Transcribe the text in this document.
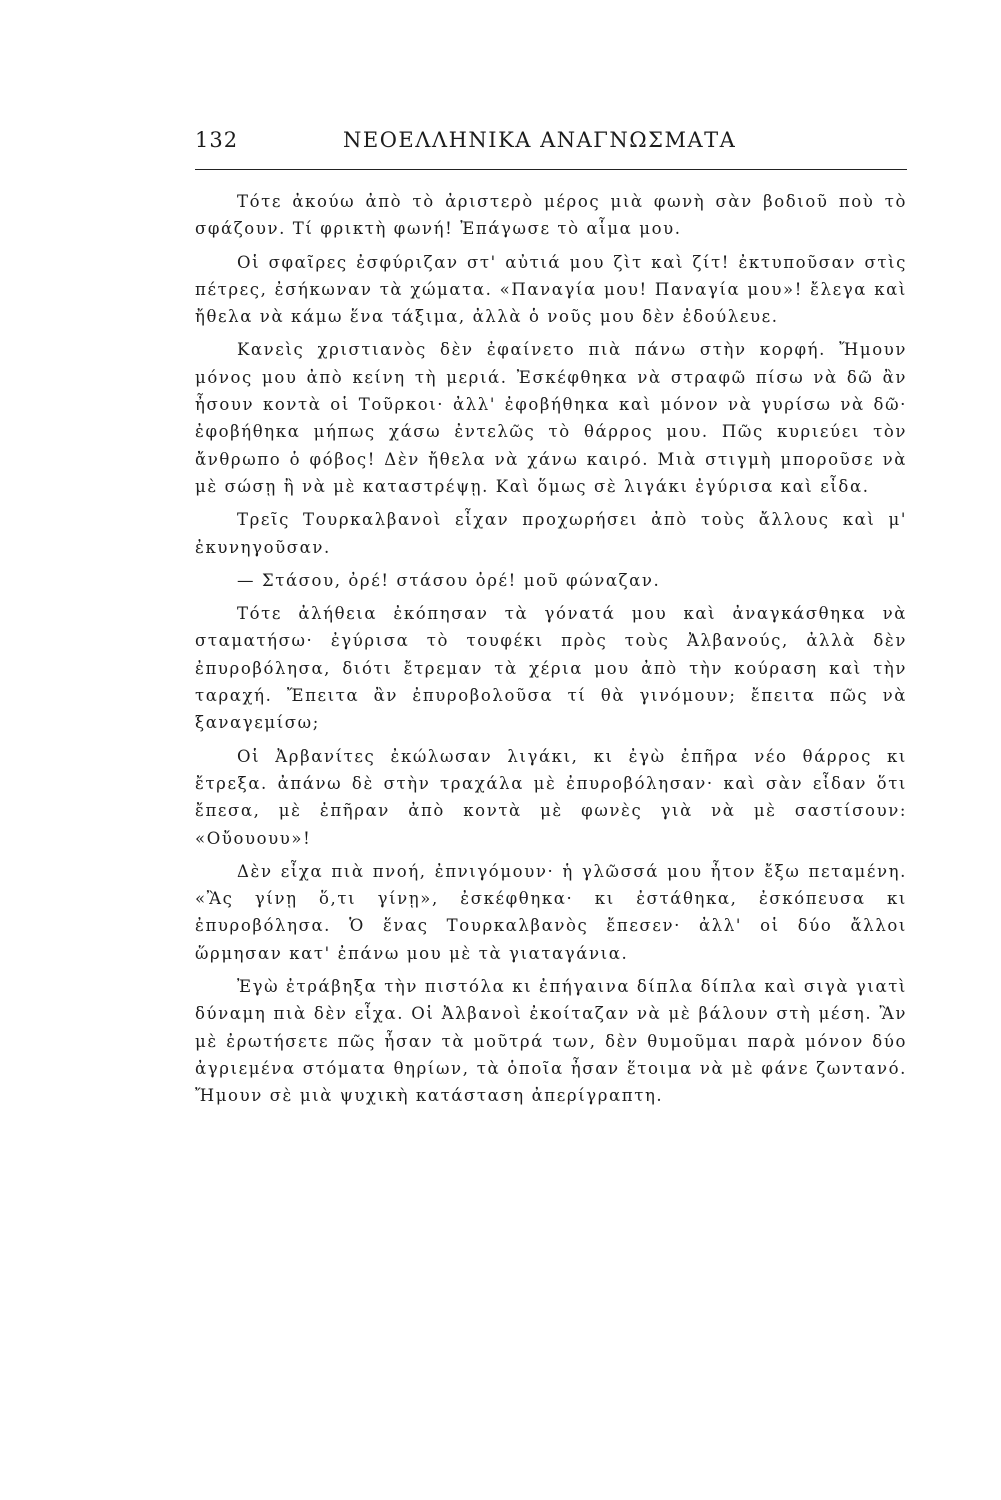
132	ΝΕΟΕΛΛΗΝΙΚΑ ΑΝΑΓΝΩΣΜΑΤΑ

Τότε ἀκούω ἀπὸ τὸ ἀριστερὸ μέρος μιὰ φωνὴ σὰν βοδιοῦ ποὺ τὸ σφάζουν. Τί φρικτὴ φωνή! Ἐπάγωσε τὸ αἷμα μου.

Οἱ σφαῖρες ἐσφύριζαν στ' αὐτιά μου ζὶτ καὶ ζίτ! ἐκτυποῦσαν στὶς πέτρες, ἐσήκωναν τὰ χώματα. «Παναγία μου! Παναγία μου»! ἔλεγα καὶ ἤθελα νὰ κάμω ἕνα τάξιμα, ἀλλὰ ὁ νοῦς μου δὲν ἐδούλευε.

Κανεὶς χριστιανὸς δὲν ἐφαίνετο πιὰ πάνω στὴν κορφή. Ἤμουν μόνος μου ἀπὸ κείνη τὴ μεριά. Ἐσκέφθηκα νὰ στραφῶ πίσω νὰ δῶ ἂν ἦσουν κοντὰ οἱ Τοῦρκοι· ἀλλ' ἐφοβήθηκα καὶ μόνον νὰ γυρίσω νὰ δῶ· ἐφοβήθηκα μήπως χάσω ἐντελῶς τὸ θάρρος μου. Πῶς κυριεύει τὸν ἄνθρωπο ὁ φόβος! Δὲν ἤθελα νὰ χάνω καιρό. Μιὰ στιγμὴ μποροῦσε νὰ μὲ σώσῃ ἢ νὰ μὲ καταστρέψῃ. Καὶ ὅμως σὲ λιγάκι ἐγύρισα καὶ εἶδα.

Τρεῖς Τουρκαλβανοὶ εἶχαν προχωρήσει ἀπὸ τοὺς ἄλλους καὶ μ' ἐκυνηγοῦσαν.

— Στάσου, ὀρέ! στάσου ὀρέ! μοῦ φώναζαν.

Τότε ἀλήθεια ἐκόπησαν τὰ γόνατά μου καὶ ἀναγκάσθηκα νὰ σταματήσω· ἐγύρισα τὸ τουφέκι πρὸς τοὺς Ἀλβανούς, ἀλλὰ δὲν ἐπυροβόλησα, διότι ἔτρεμαν τὰ χέρια μου ἀπὸ τὴν κούραση καὶ τὴν ταραχή. Ἔπειτα ἂν ἐπυροβολοῦσα τί θὰ γινόμουν; ἔπειτα πῶς νὰ ξαναγεμίσω;

Οἱ Ἀρβανίτες ἐκώλωσαν λιγάκι, κι ἐγὼ ἐπῆρα νέο θάρρος κι ἔτρεξα. ἀπάνω δὲ στὴν τραχάλα μὲ ἐπυροβόλησαν· καὶ σὰν εἶδαν ὅτι ἔπεσα, μὲ ἐπῆραν ἀπὸ κοντὰ μὲ φωνὲς γιὰ νὰ μὲ σαστίσουν: «Οὔουουυ»!

Δὲν εἶχα πιὰ πνοή, ἐπνιγόμουν· ἡ γλῶσσά μου ἦτον ἔξω πεταμένη. «Ἂς γίνῃ ὅ,τι γίνῃ», ἐσκέφθηκα· κι ἐστάθηκα, ἐσκόπευσα κι ἐπυροβόλησα. Ὁ ἕνας Τουρκαλβανὸς ἔπεσεν· ἀλλ' οἱ δύο ἄλλοι ὥρμησαν κατ' ἐπάνω μου μὲ τὰ γιαταγάνια.

Ἐγὼ ἐτράβηξα τὴν πιστόλα κι ἐπήγαινα δίπλα δίπλα καὶ σιγὰ γιατὶ δύναμη πιὰ δὲν εἶχα. Οἱ Ἀλβανοὶ ἐκοίταζαν νὰ μὲ βάλουν στὴ μέση. Ἂν μὲ ἐρωτήσετε πῶς ἦσαν τὰ μοῦτρά των, δὲν θυμοῦμαι παρὰ μόνον δύο ἀγριεμένα στόματα θηρίων, τὰ ὁποῖα ἦσαν ἕτοιμα νὰ μὲ φάνε ζωντανό. Ἤμουν σὲ μιὰ ψυχικὴ κατάσταση ἀπερίγραπτη.
